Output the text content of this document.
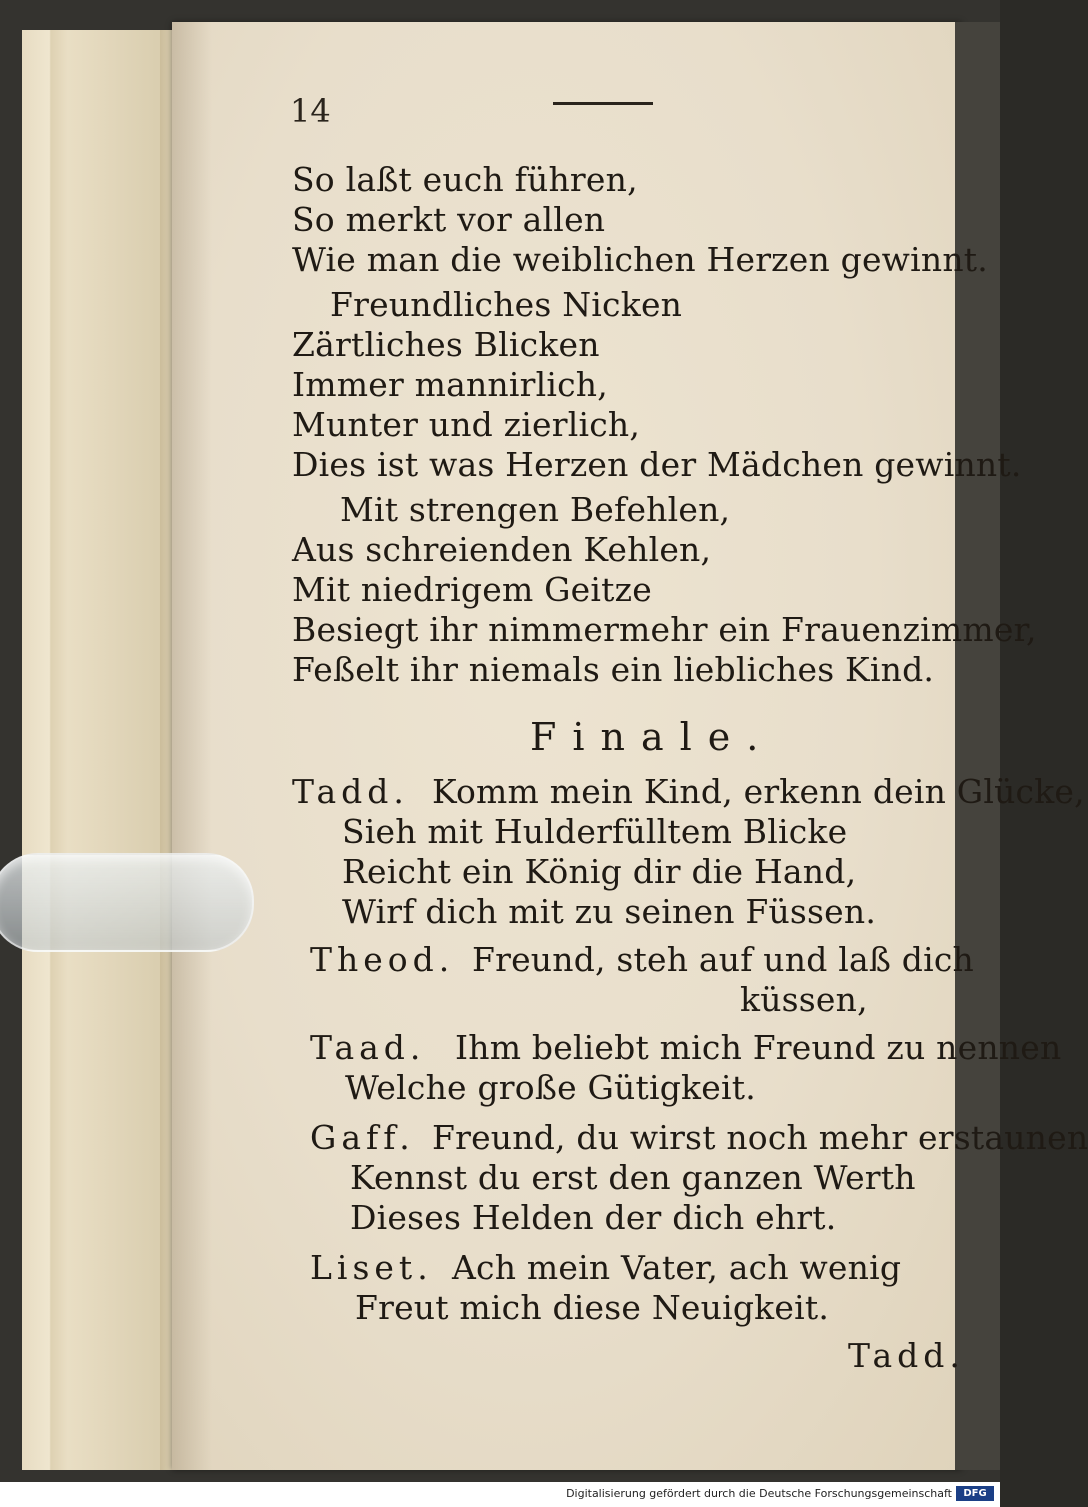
14
So laßt euch führen,
So merkt vor allen
Wie man die weiblichen Herzen gewinnt.
Freundliches Nicken
Zärtliches Blicken
Immer mannirlich,
Munter und zierlich,
Dies ist was Herzen der Mädchen gewinnt.
Mit strengen Befehlen,
Aus schreienden Kehlen,
Mit niedrigem Geitze
Besiegt ihr nimmermehr ein Frauenzimmer,
Feßelt ihr niemals ein liebliches Kind.
Finale.
Tadd. Komm mein Kind, erkenn dein Glücke,
Sieh mit Hulderfülltem Blicke
Reicht ein König dir die Hand,
Wirf dich mit zu seinen Füssen.
Theod. Freund, steh auf und laß dich
küssen,
Taad. Ihm beliebt mich Freund zu nennen
Welche große Gütigkeit.
Gaff. Freund, du wirst noch mehr erstaunen
Kennst du erst den ganzen Werth
Dieses Helden der dich ehrt.
Liset. Ach mein Vater, ach wenig
Freut mich diese Neuigkeit.
Tadd.
Digitalisierung gefördert durch die Deutsche Forschungsgemeinschaft	DFG
